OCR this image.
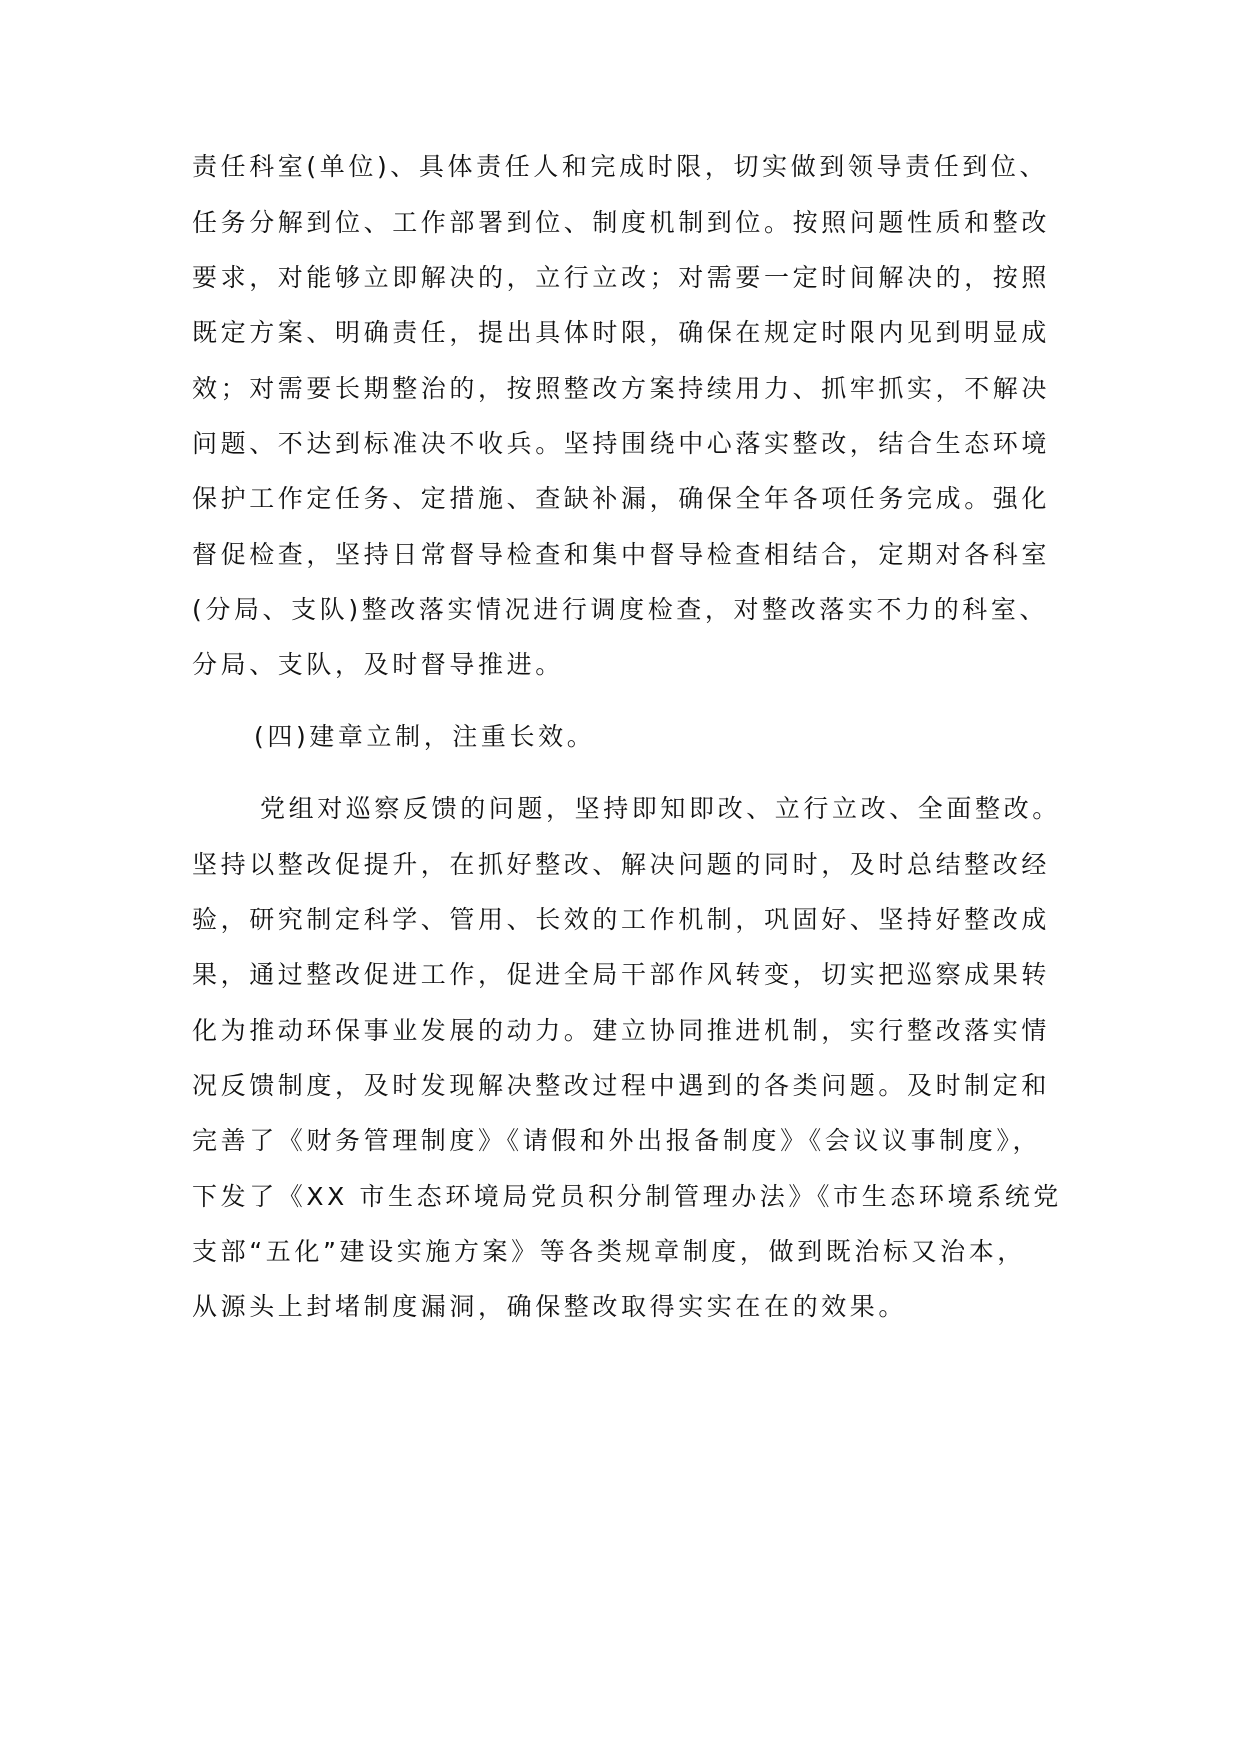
责任科室(单位)、具体责任人和完成时限，切实做到领导责任到位、
任务分解到位、工作部署到位、制度机制到位。按照问题性质和整改
要求，对能够立即解决的，立行立改；对需要一定时间解决的，按照
既定方案、明确责任，提出具体时限，确保在规定时限内见到明显成
效；对需要长期整治的，按照整改方案持续用力、抓牢抓实，不解决
问题、不达到标准决不收兵。坚持围绕中心落实整改，结合生态环境
保护工作定任务、定措施、查缺补漏，确保全年各项任务完成。强化
督促检查，坚持日常督导检查和集中督导检查相结合，定期对各科室
(分局、支队)整改落实情况进行调度检查，对整改落实不力的科室、
分局、支队，及时督导推进。
(四)建章立制，注重长效。
党组对巡察反馈的问题，坚持即知即改、立行立改、全面整改。
坚持以整改促提升，在抓好整改、解决问题的同时，及时总结整改经
验，研究制定科学、管用、长效的工作机制，巩固好、坚持好整改成
果，通过整改促进工作，促进全局干部作风转变，切实把巡察成果转
化为推动环保事业发展的动力。建立协同推进机制，实行整改落实情
况反馈制度，及时发现解决整改过程中遇到的各类问题。及时制定和
完善了《财务管理制度》《请假和外出报备制度》《会议议事制度》，
下发了《XX 市生态环境局党员积分制管理办法》《市生态环境系统党
支部“五化”建设实施方案》等各类规章制度，做到既治标又治本，
从源头上封堵制度漏洞，确保整改取得实实在在的效果。
